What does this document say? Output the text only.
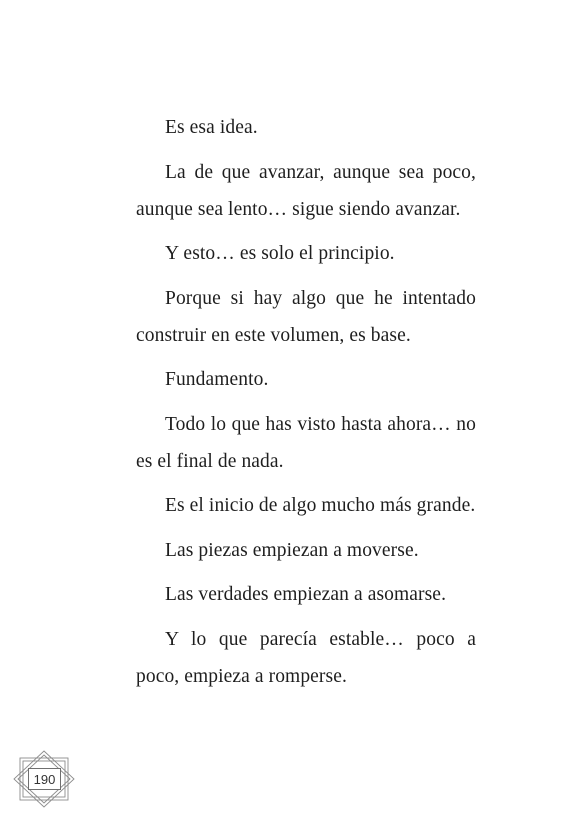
Es esa idea.

La de que avanzar, aunque sea poco, aunque sea lento… sigue siendo avanzar.

Y esto… es solo el principio.

Porque si hay algo que he intentado construir en este volumen, es base.

Fundamento.

Todo lo que has visto hasta ahora… no es el final de nada.

Es el inicio de algo mucho más grande.

Las piezas empiezan a moverse.

Las verdades empiezan a asomarse.

Y lo que parecía estable… poco a poco, empieza a romperse.

190
